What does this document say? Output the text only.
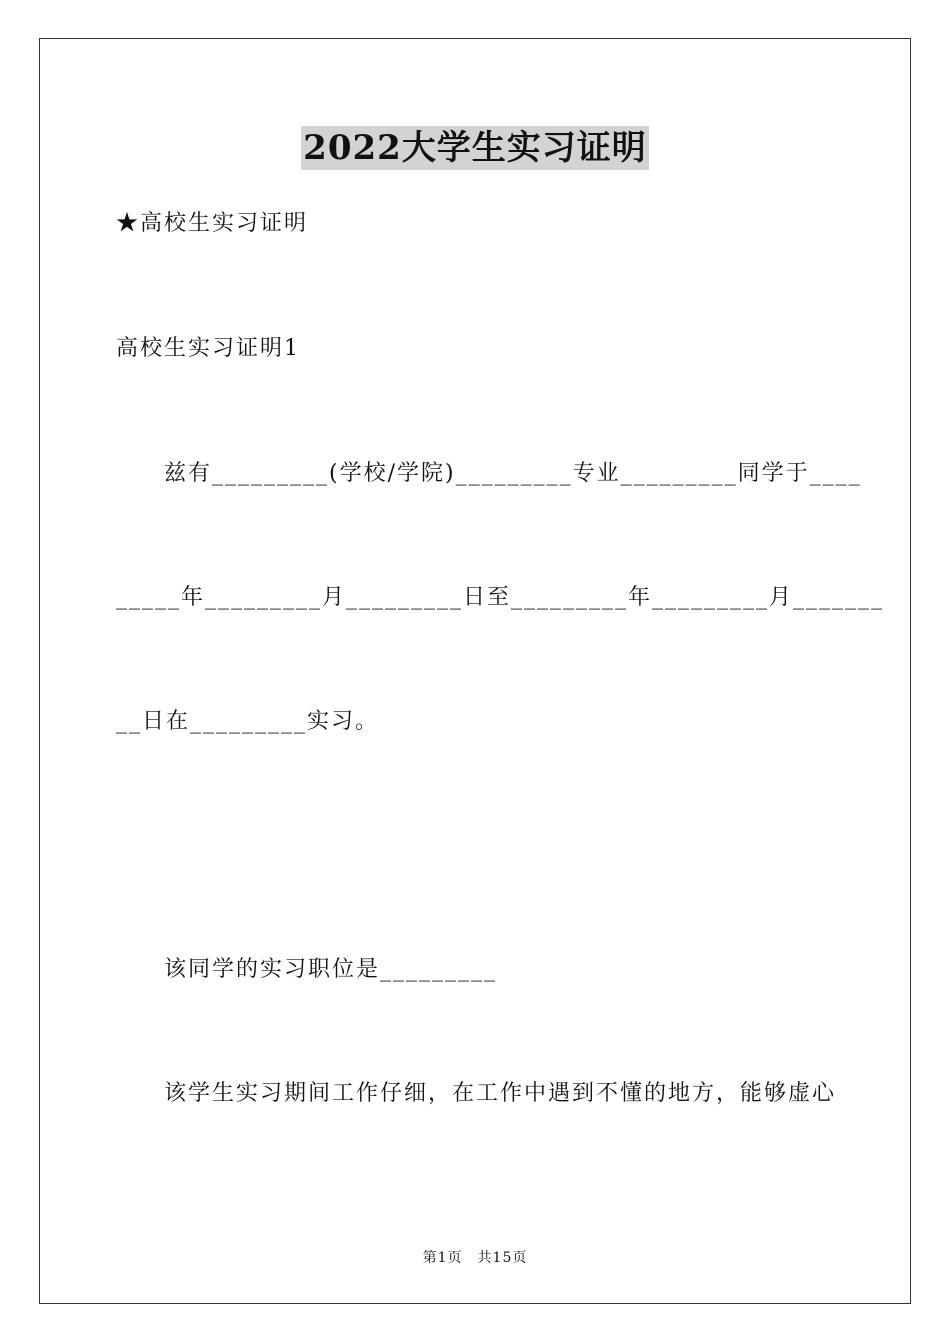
2022大学生实习证明
★高校生实习证明
高校生实习证明1
兹有_________(学校/学院)_________专业_________同学于____
_____年_________月_________日至_________年_________月_______
__日在_________实习。
该同学的实习职位是_________
该学生实习期间工作仔细，在工作中遇到不懂的地方，能够虚心
第1页　共15页
